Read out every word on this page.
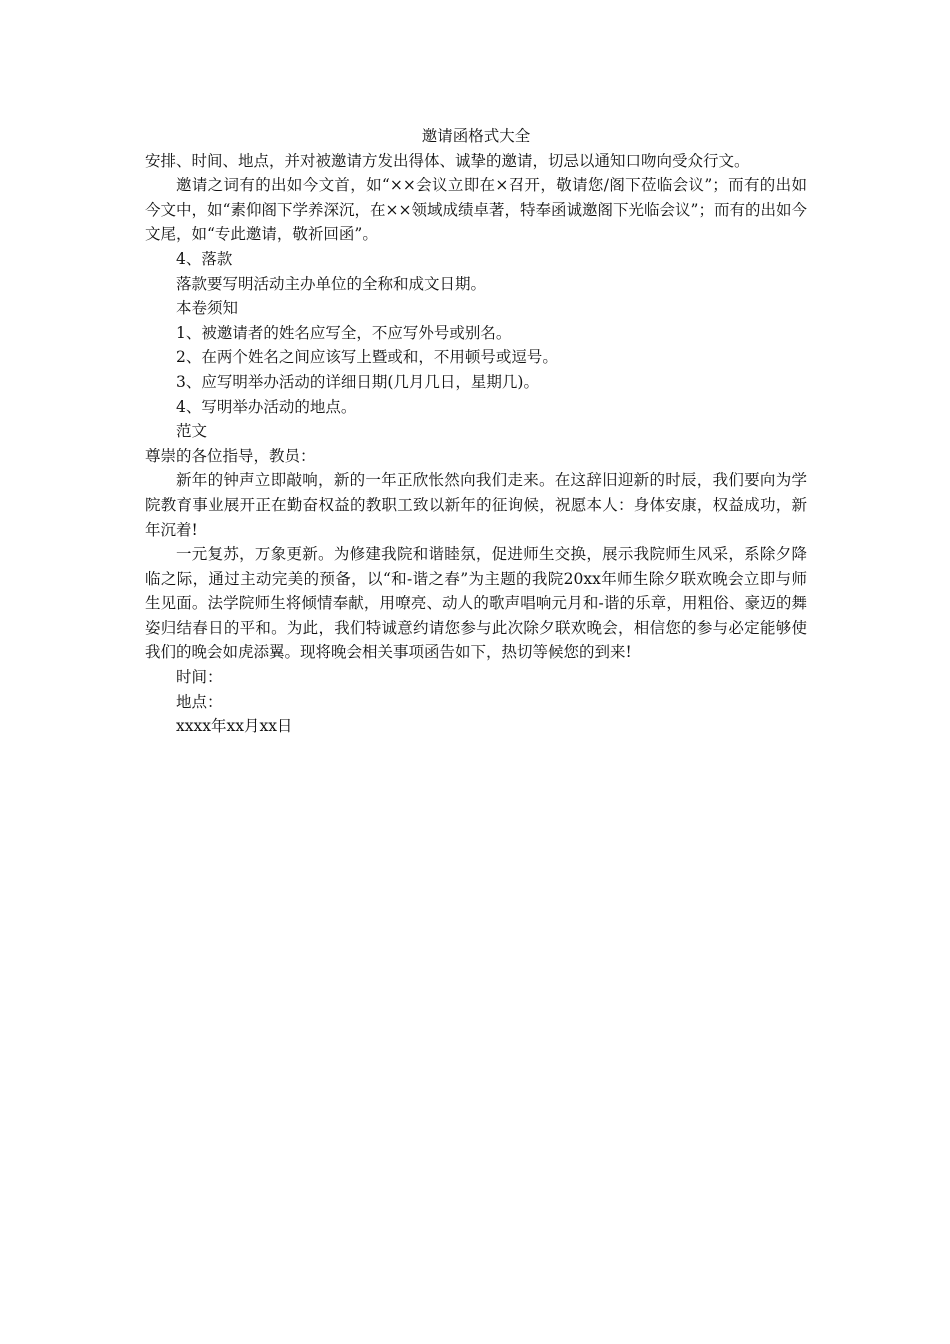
邀请函格式大全

安排、时间、地点，并对被邀请方发出得体、诚挚的邀请，切忌以通知口吻向受众行文。

邀请之词有的出如今文首，如“××会议立即在×召开，敬请您/阁下莅临会议”；而有的出如今文中，如“素仰阁下学养深沉，在××领域成绩卓著，特奉函诚邀阁下光临会议”；而有的出如今文尾，如“专此邀请，敬祈回函”。

4、落款

落款要写明活动主办单位的全称和成文日期。

本卷须知

1、被邀请者的姓名应写全，不应写外号或别名。

2、在两个姓名之间应该写上暨或和，不用顿号或逗号。

3、应写明举办活动的详细日期(几月几日，星期几)。

4、写明举办活动的地点。

范文

尊崇的各位指导，教员：

新年的钟声立即敲响，新的一年正欣怅然向我们走来。在这辞旧迎新的时辰，我们要向为学院教育事业展开正在勤奋权益的教职工致以新年的征询候，祝愿本人：身体安康，权益成功，新年沉着!

一元复苏，万象更新。为修建我院和谐睦氛，促进师生交换，展示我院师生风采，系除夕降临之际，通过主动完美的预备，以“和-谐之春”为主题的我院20xx年师生除夕联欢晚会立即与师生见面。法学院师生将倾情奉献，用嘹亮、动人的歌声唱响元月和-谐的乐章，用粗俗、豪迈的舞姿归结春日的平和。为此，我们特诚意约请您参与此次除夕联欢晚会，相信您的参与必定能够使我们的晚会如虎添翼。现将晚会相关事项函告如下，热切等候您的到来!

时间：

地点：

xxxx年xx月xx日
